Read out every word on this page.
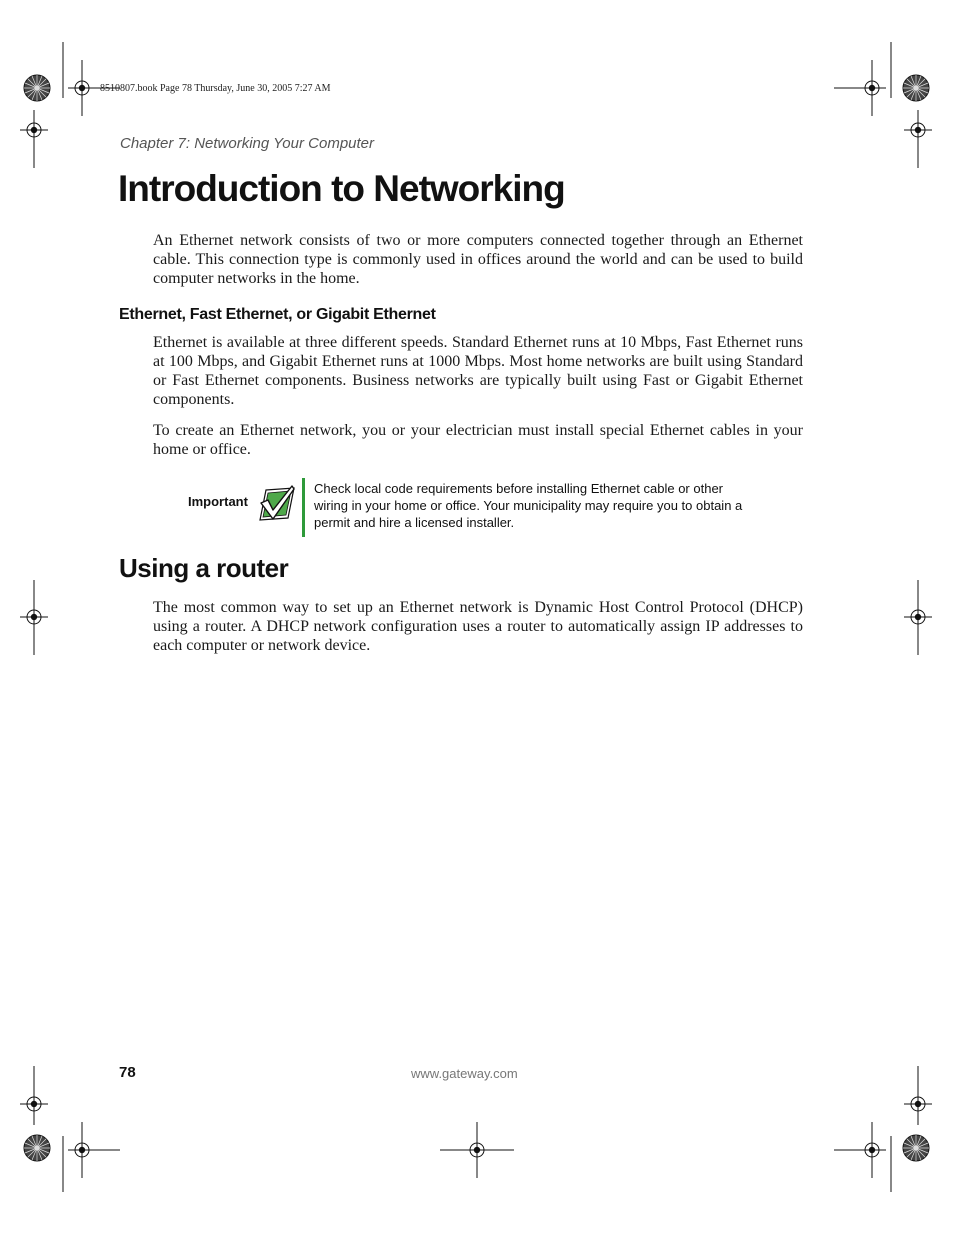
8510807.book Page 78 Thursday, June 30, 2005 7:27 AM
Chapter 7: Networking Your Computer
Introduction to Networking

An Ethernet network consists of two or more computers connected together through an Ethernet cable. This connection type is commonly used in offices around the world and can be used to build computer networks in the home.

Ethernet, Fast Ethernet, or Gigabit Ethernet

Ethernet is available at three different speeds. Standard Ethernet runs at 10 Mbps, Fast Ethernet runs at 100 Mbps, and Gigabit Ethernet runs at 1000 Mbps. Most home networks are built using Standard or Fast Ethernet components. Business networks are typically built using Fast or Gigabit Ethernet components.

To create an Ethernet network, you or your electrician must install special Ethernet cables in your home or office.

Important

Check local code requirements before installing Ethernet cable or other wiring in your home or office. Your municipality may require you to obtain a permit and hire a licensed installer.

Using a router

The most common way to set up an Ethernet network is Dynamic Host Control Protocol (DHCP) using a router. A DHCP network configuration uses a router to automatically assign IP addresses to each computer or network device.

78	www.gateway.com
